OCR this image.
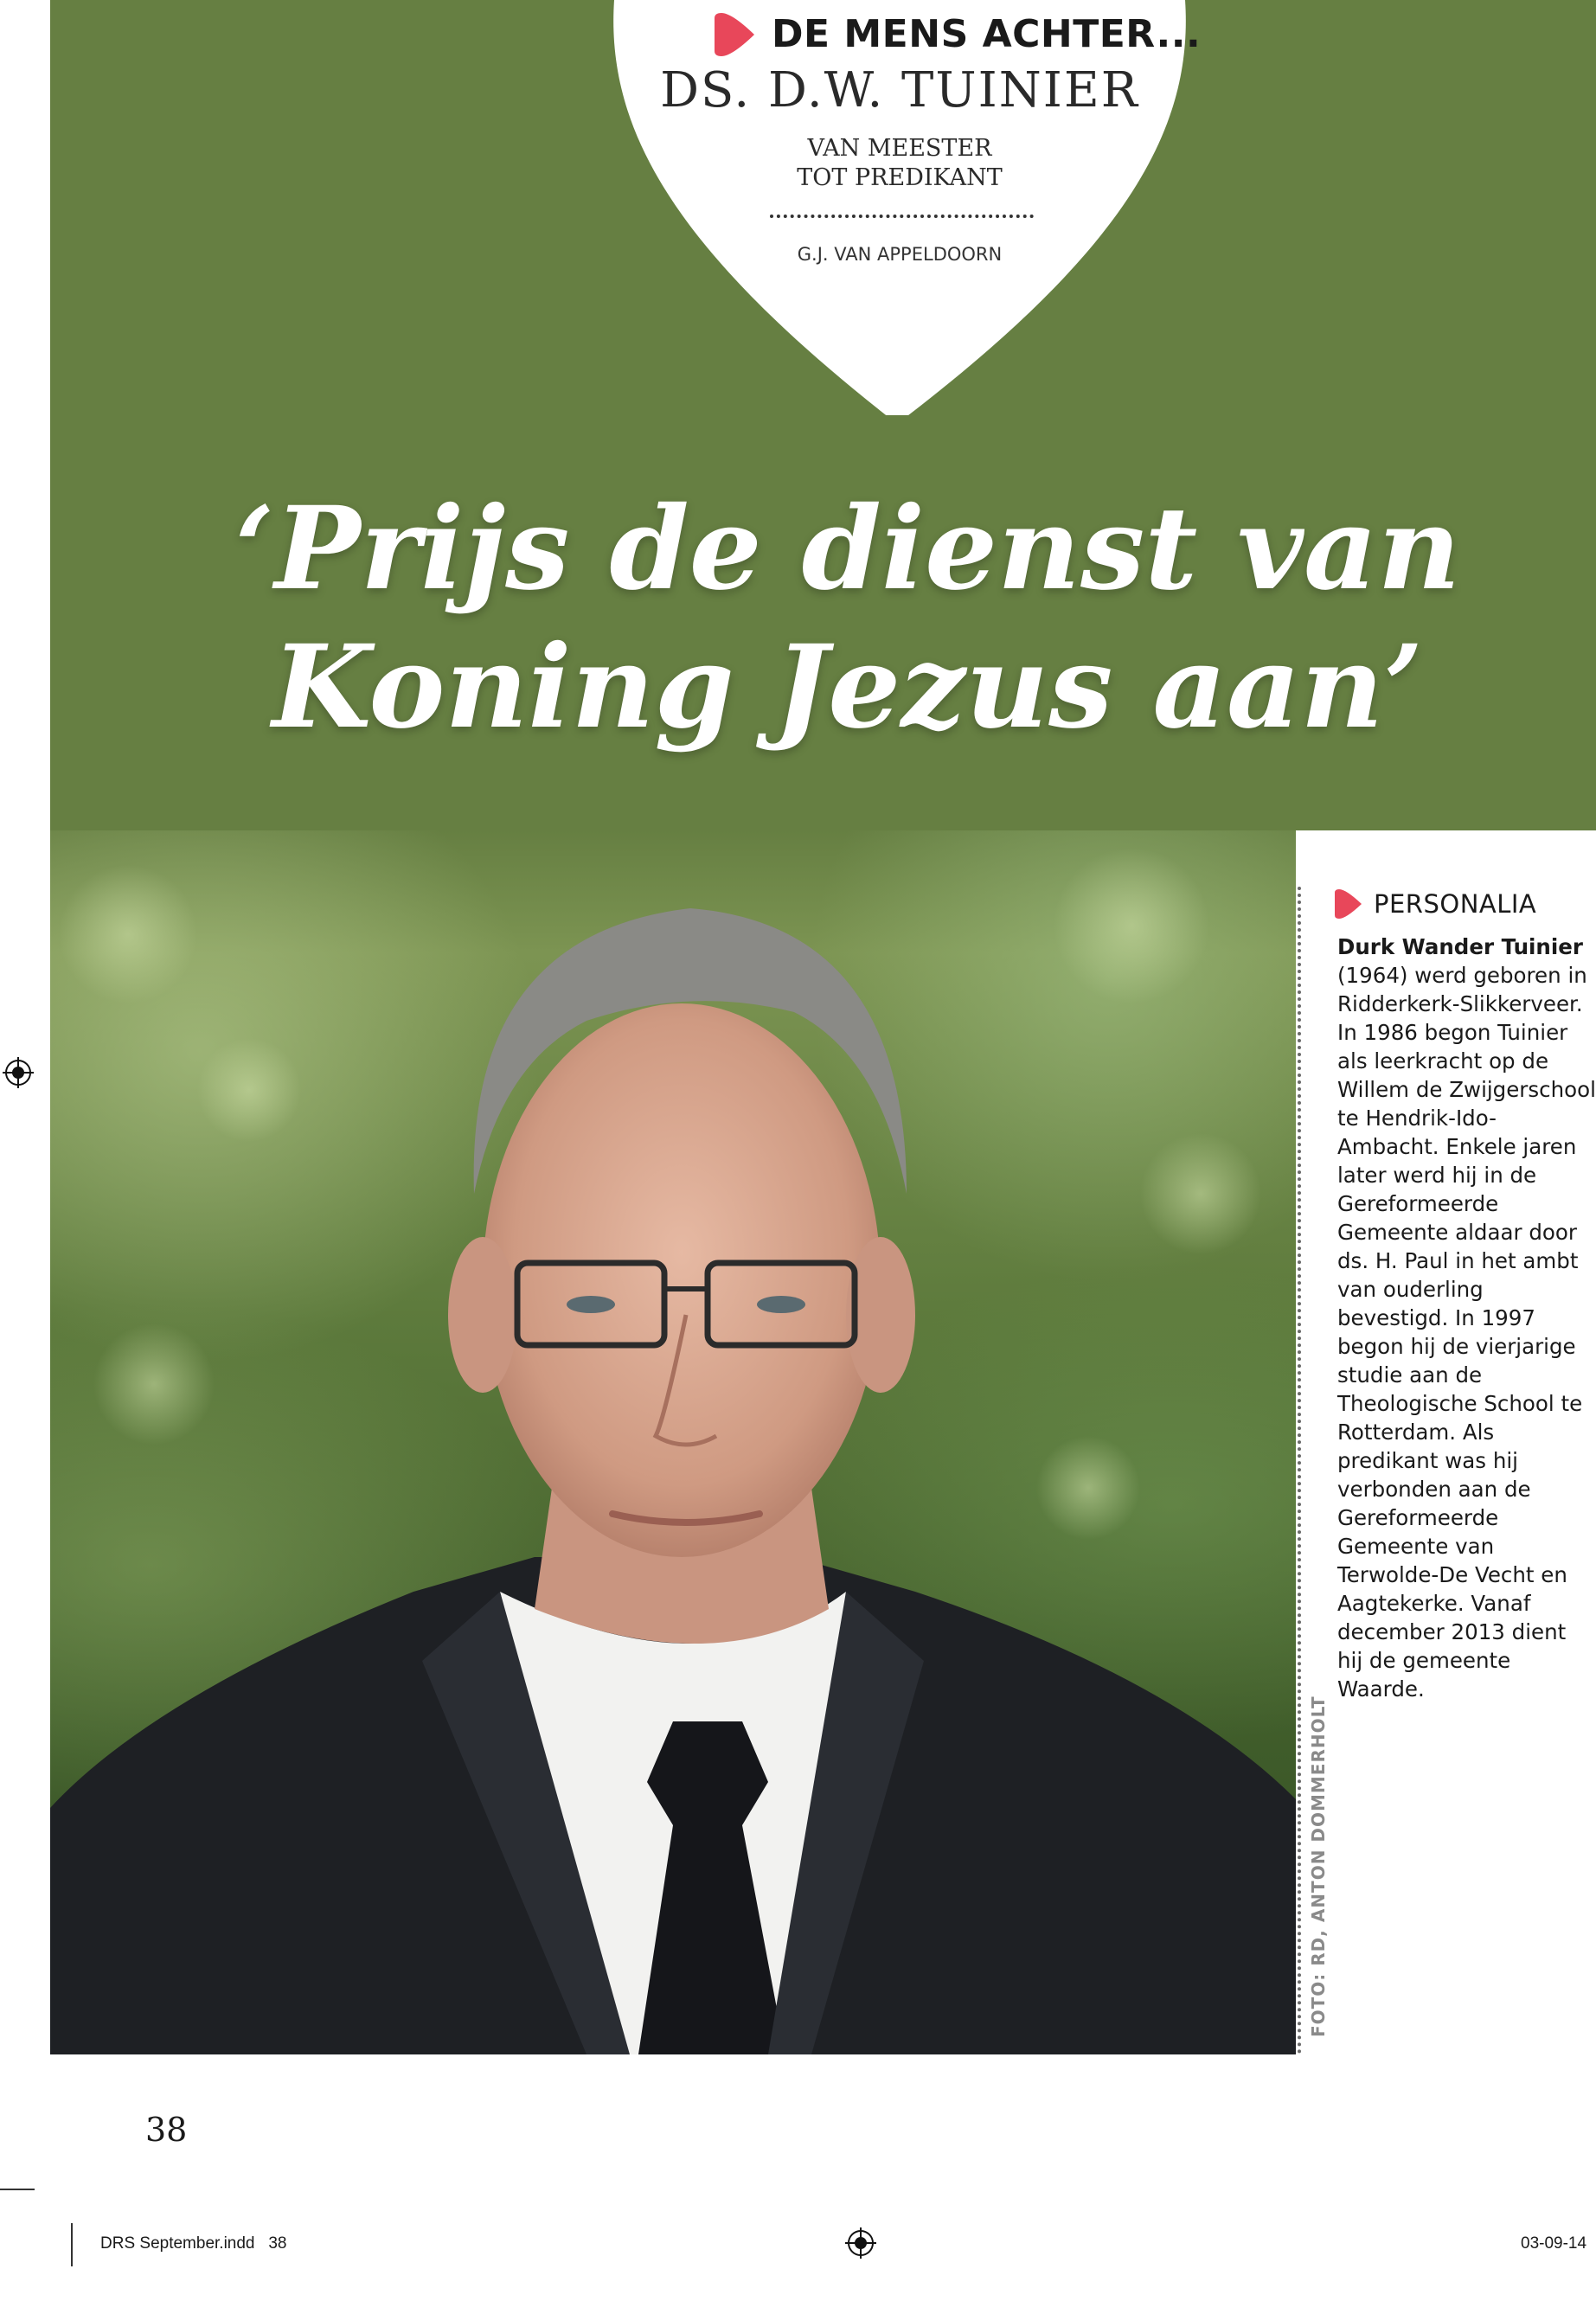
DE MENS ACHTER...
DS. D.W. TUINIER
VAN MEESTER
TOT PREDIKANT
G.J. VAN APPELDOORN
‘Prijs de dienst van
Koning Jezus aan’
PERSONALIA
Durk Wander Tuinier (1964) werd geboren in Ridderkerk-Slikkerveer. In 1986 begon Tuinier als leerkracht op de Willem de Zwijgerschool te Hendrik-Ido-Ambacht. Enkele jaren later werd hij in de Gereformeerde Gemeente aldaar door ds. H. Paul in het ambt van ouderling bevestigd. In 1997 begon hij de vierjarige studie aan de Theologische School te Rotterdam. Als predikant was hij verbonden aan de Gereformeerde Gemeente van Terwolde-De Vecht en Aagtekerke. Vanaf december 2013 dient hij de gemeente Waarde.
FOTO: RD, ANTON DOMMERHOLT
38
DRS September.indd   38	03-09-14
